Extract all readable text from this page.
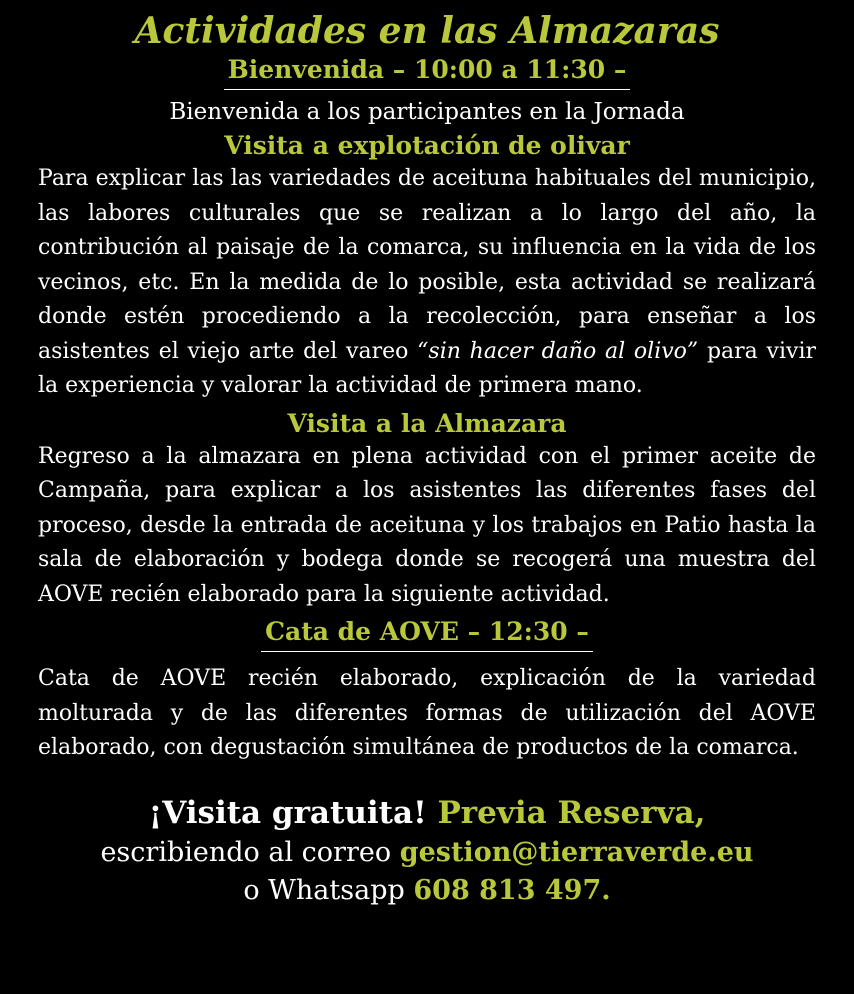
Actividades en las Almazaras
Bienvenida – 10:00 a 11:30 –

Bienvenida a los participantes en la Jornada

Visita a explotación de olivar

Para explicar las las variedades de aceituna habituales del municipio, las labores culturales que se realizan a lo largo del año, la contribución al paisaje de la comarca, su influencia en la vida de los vecinos, etc. En la medida de lo posible, esta actividad se realizará donde estén procediendo a la recolección, para enseñar a los asistentes el viejo arte del vareo “sin hacer daño al olivo” para vivir la experiencia y valorar la actividad de primera mano.

Visita a la Almazara

Regreso a la almazara en plena actividad con el primer aceite de Campaña, para explicar a los asistentes las diferentes fases del proceso, desde la entrada de aceituna y los trabajos en Patio hasta la sala de elaboración y bodega donde se recogerá una muestra del AOVE recién elaborado para la siguiente actividad.

Cata de AOVE – 12:30 –

Cata de AOVE recién elaborado, explicación de la variedad molturada y de las diferentes formas de utilización del AOVE elaborado, con degustación simultánea de productos de la comarca.

¡Visita gratuita! Previa Reserva,

escribiendo al correo gestion@tierraverde.eu

o Whatsapp 608 813 497.
